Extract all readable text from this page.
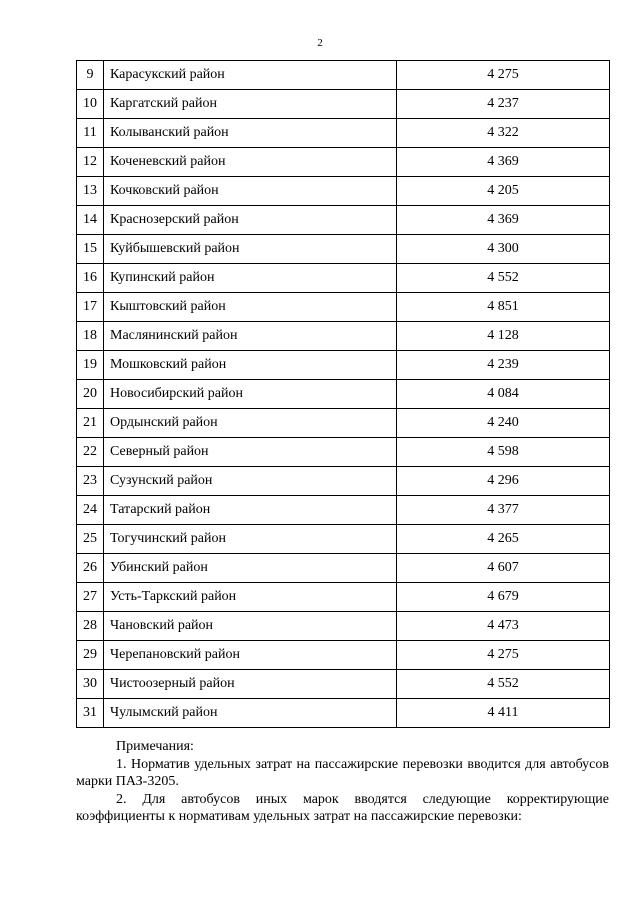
2
9	Карасукский район	4 275
10	Каргатский район	4 237
11	Колыванский район	4 322
12	Коченевский район	4 369
13	Кочковский район	4 205
14	Краснозерский район	4 369
15	Куйбышевский район	4 300
16	Купинский район	4 552
17	Кыштовский район	4 851
18	Маслянинский район	4 128
19	Мошковский район	4 239
20	Новосибирский район	4 084
21	Ордынский район	4 240
22	Северный район	4 598
23	Сузунский район	4 296
24	Татарский район	4 377
25	Тогучинский район	4 265
26	Убинский район	4 607
27	Усть-Таркский район	4 679
28	Чановский район	4 473
29	Черепановский район	4 275
30	Чистоозерный район	4 552
31	Чулымский район	4 411

Примечания:

1. Норматив удельных затрат на пассажирские перевозки вводится для автобусов марки ПАЗ-3205.

2. Для автобусов иных марок вводятся следующие корректирующие коэффициенты к нормативам удельных затрат на пассажирские перевозки:
